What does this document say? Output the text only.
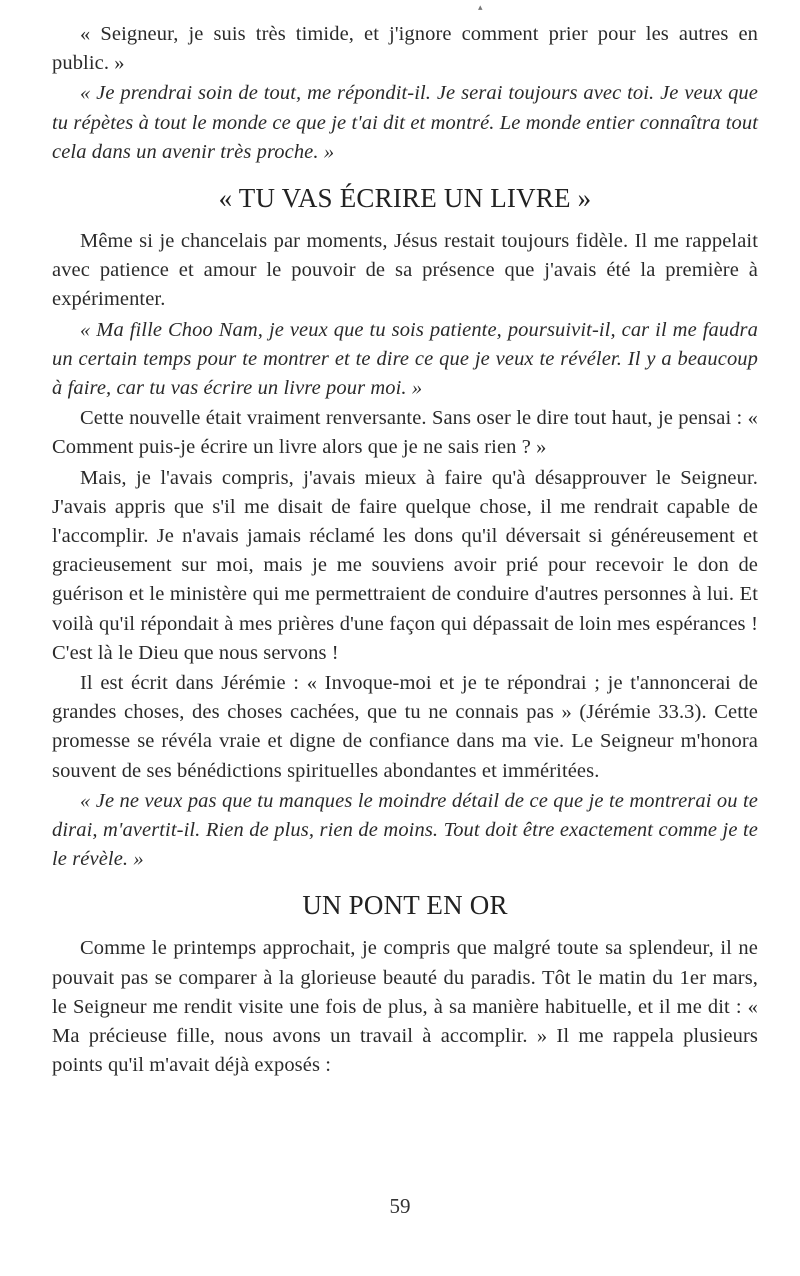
▴

« Seigneur, je suis très timide, et j'ignore comment prier pour les autres en public. »

« Je prendrai soin de tout, me répondit-il. Je serai toujours avec toi. Je veux que tu répètes à tout le monde ce que je t'ai dit et montré. Le monde entier connaîtra tout cela dans un avenir très proche. »

« TU VAS ÉCRIRE UN LIVRE »

Même si je chancelais par moments, Jésus restait toujours fidèle. Il me rappelait avec patience et amour le pouvoir de sa présence que j'avais été la première à expérimenter.

« Ma fille Choo Nam, je veux que tu sois patiente, poursuivit-il, car il me faudra un certain temps pour te montrer et te dire ce que je veux te révéler. Il y a beaucoup à faire, car tu vas écrire un livre pour moi. »

Cette nouvelle était vraiment renversante. Sans oser le dire tout haut, je pensai : « Comment puis-je écrire un livre alors que je ne sais rien ? »

Mais, je l'avais compris, j'avais mieux à faire qu'à désapprouver le Seigneur. J'avais appris que s'il me disait de faire quelque chose, il me rendrait capable de l'accomplir. Je n'avais jamais réclamé les dons qu'il déversait si généreusement et gracieusement sur moi, mais je me souviens avoir prié pour recevoir le don de guérison et le ministère qui me permettraient de conduire d'autres personnes à lui. Et voilà qu'il répondait à mes prières d'une façon qui dépassait de loin mes espérances ! C'est là le Dieu que nous servons !

Il est écrit dans Jérémie : « Invoque-moi et je te répondrai ; je t'annoncerai de grandes choses, des choses cachées, que tu ne connais pas » (Jérémie 33.3). Cette promesse se révéla vraie et digne de confiance dans ma vie. Le Seigneur m'honora souvent de ses bénédictions spirituelles abondantes et imméritées.

« Je ne veux pas que tu manques le moindre détail de ce que je te montrerai ou te dirai, m'avertit-il. Rien de plus, rien de moins. Tout doit être exactement comme je te le révèle. »

UN PONT EN OR

Comme le printemps approchait, je compris que malgré toute sa splendeur, il ne pouvait pas se comparer à la glorieuse beauté du paradis. Tôt le matin du 1er mars, le Seigneur me rendit visite une fois de plus, à sa manière habituelle, et il me dit : « Ma précieuse fille, nous avons un travail à accomplir. » Il me rappela plusieurs points qu'il m'avait déjà exposés :

59
